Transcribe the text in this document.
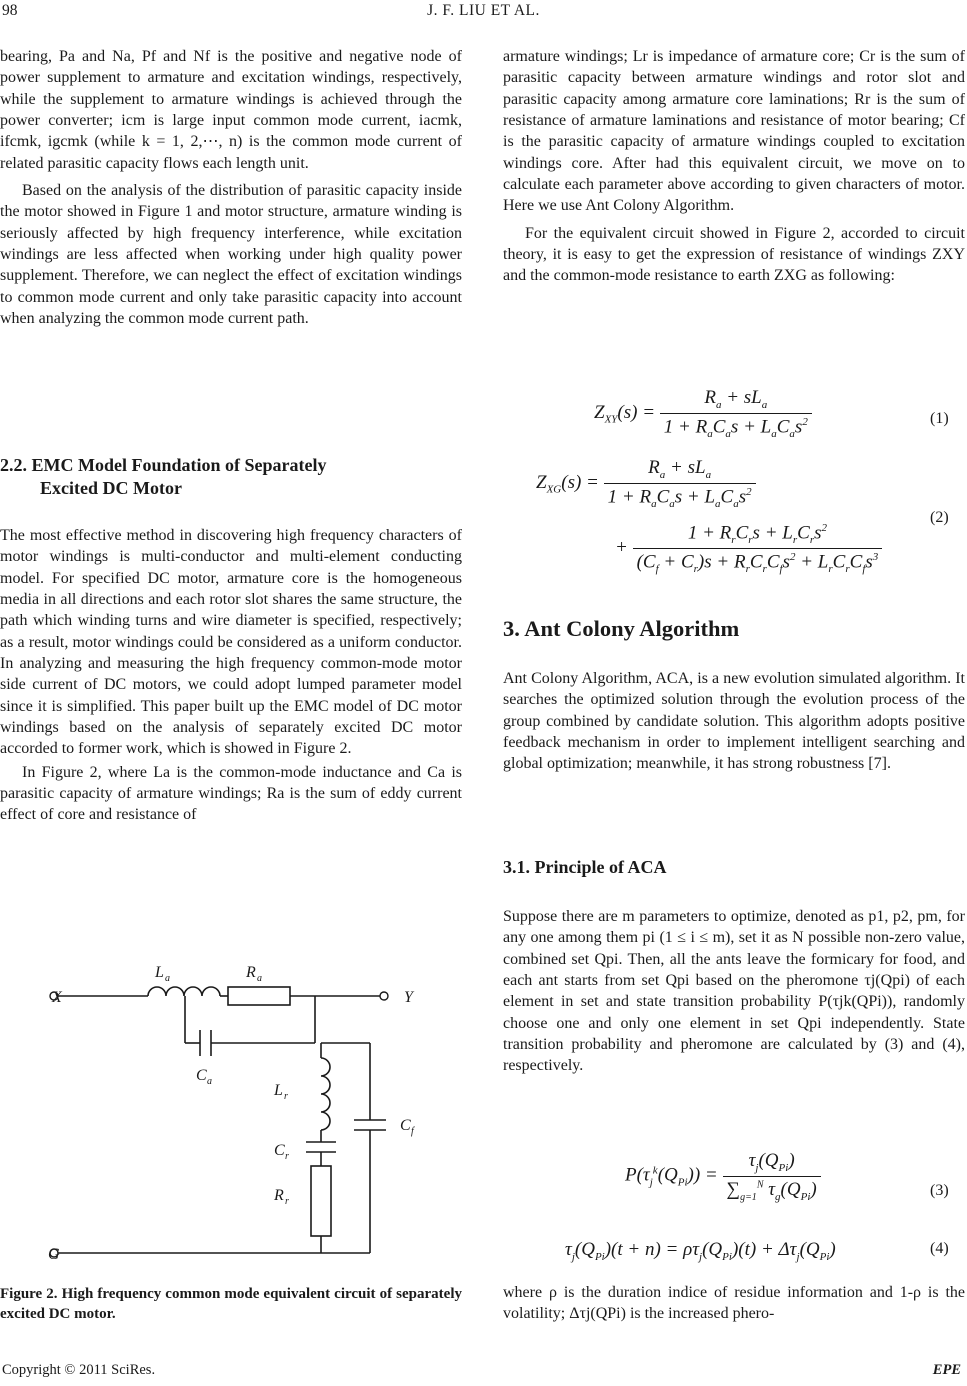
98	J. F. LIU ET AL.

bearing, Pa and Na, Pf and Nf is the positive and negative node of power supplement to armature and excitation windings, respectively, while the supplement to armature windings is achieved through the power converter; icm is large input common mode current, iacmk, ifcmk, igcmk (while k = 1, 2,⋯, n) is the common mode current of related parasitic capacity flows each length unit.

Based on the analysis of the distribution of parasitic capacity inside the motor showed in Figure 1 and motor structure, armature winding is seriously affected by high frequency interference, while excitation windings are less affected when working under high quality power supplement. Therefore, we can neglect the effect of excitation windings to common mode current and only take parasitic capacity into account when analyzing the common mode current path.

2.2. EMC Model Foundation of Separately
Excited DC Motor

The most effective method in discovering high frequency characters of motor windings is multi-conductor and multi-element conducting model. For specified DC motor, armature core is the homogeneous media in all directions and each rotor slot shares the same structure, the path which winding turns and wire diameter is specified, respectively; as a result, motor windings could be considered as a uniform conductor. In analyzing and measuring the high frequency common-mode motor side current of DC motors, we could adopt lumped parameter model since it is simplified. This paper built up the EMC model of DC motor windings based on the analysis of separately excited DC motor accorded to former work, which is showed in Figure 2.

In Figure 2, where La is the common-mode inductance and Ca is parasitic capacity of armature windings; Ra is the sum of eddy current effect of core and resistance of

X	Y
G
L a	R a
C a
L r
C r
R r
C f
Figure 2. High frequency common mode equivalent circuit of separately excited DC motor.

armature windings; Lr is impedance of armature core; Cr is the sum of parasitic capacity between armature windings and rotor slot and parasitic capacity among armature core laminations; Rr is the sum of resistance of armature laminations and resistance of motor bearing; Cf is the parasitic capacity of armature windings coupled to excitation windings core. After had this equivalent circuit, we move on to calculate each parameter above according to given characters of motor. Here we use Ant Colony Algorithm.

For the equivalent circuit showed in Figure 2, accorded to circuit theory, it is easy to get the expression of resistance of windings ZXY and the common-mode resistance to earth ZXG as following:

$Z_{XY}(s) = \frac{R_a + sL_a}{1 + R_aC_as + L_aC_as^2}$	(1)
$Z_{XG}(s) = \frac{R_a + sL_a}{1 + R_aC_as + L_aC_as^2}$
+ $\frac{1 + R_rC_rs + L_rC_rs^2}{(C_f + C_r)s + R_rC_rC_fs^2 + L_rC_rC_fs^3}$
(2)
3. Ant Colony Algorithm

Ant Colony Algorithm, ACA, is a new evolution simulated algorithm. It searches the optimized solution through the evolution process of the group combined by candidate solution. This algorithm adopts positive feedback mechanism in order to implement intelligent searching and global optimization; meanwhile, it has strong robustness [7].

3.1. Principle of ACA

Suppose there are m parameters to optimize, denoted as p1, p2, pm, for any one among them pi (1 ≤ i ≤ m), set it as N possible non-zero value, combined set Qpi. Then, all the ants leave the formicary for food, and each ant starts from set Qpi based on the pheromone τj(Qpi) of each element in set and state transition probability P(τjk(QPi)), randomly choose one and only one element in set Qpi independently. State transition probability and pheromone are calculated by (3) and (4), respectively.

$P(\tau_j^k(Q_{Pi})) = \frac{\tau_j(Q_{Pi})}{\sum_{g=1}^N \tau_g(Q_{Pi})}$	(3)
$\tau_j(Q_{Pi})(t + n) = \rho\tau_j(Q_{Pi})(t) + \Delta\tau_j(Q_{Pi})$	(4)

where ρ is the duration indice of residue information and 1-ρ is the volatility; Δτj(QPi) is the increased phero-

Copyright © 2011 SciRes.	EPE
